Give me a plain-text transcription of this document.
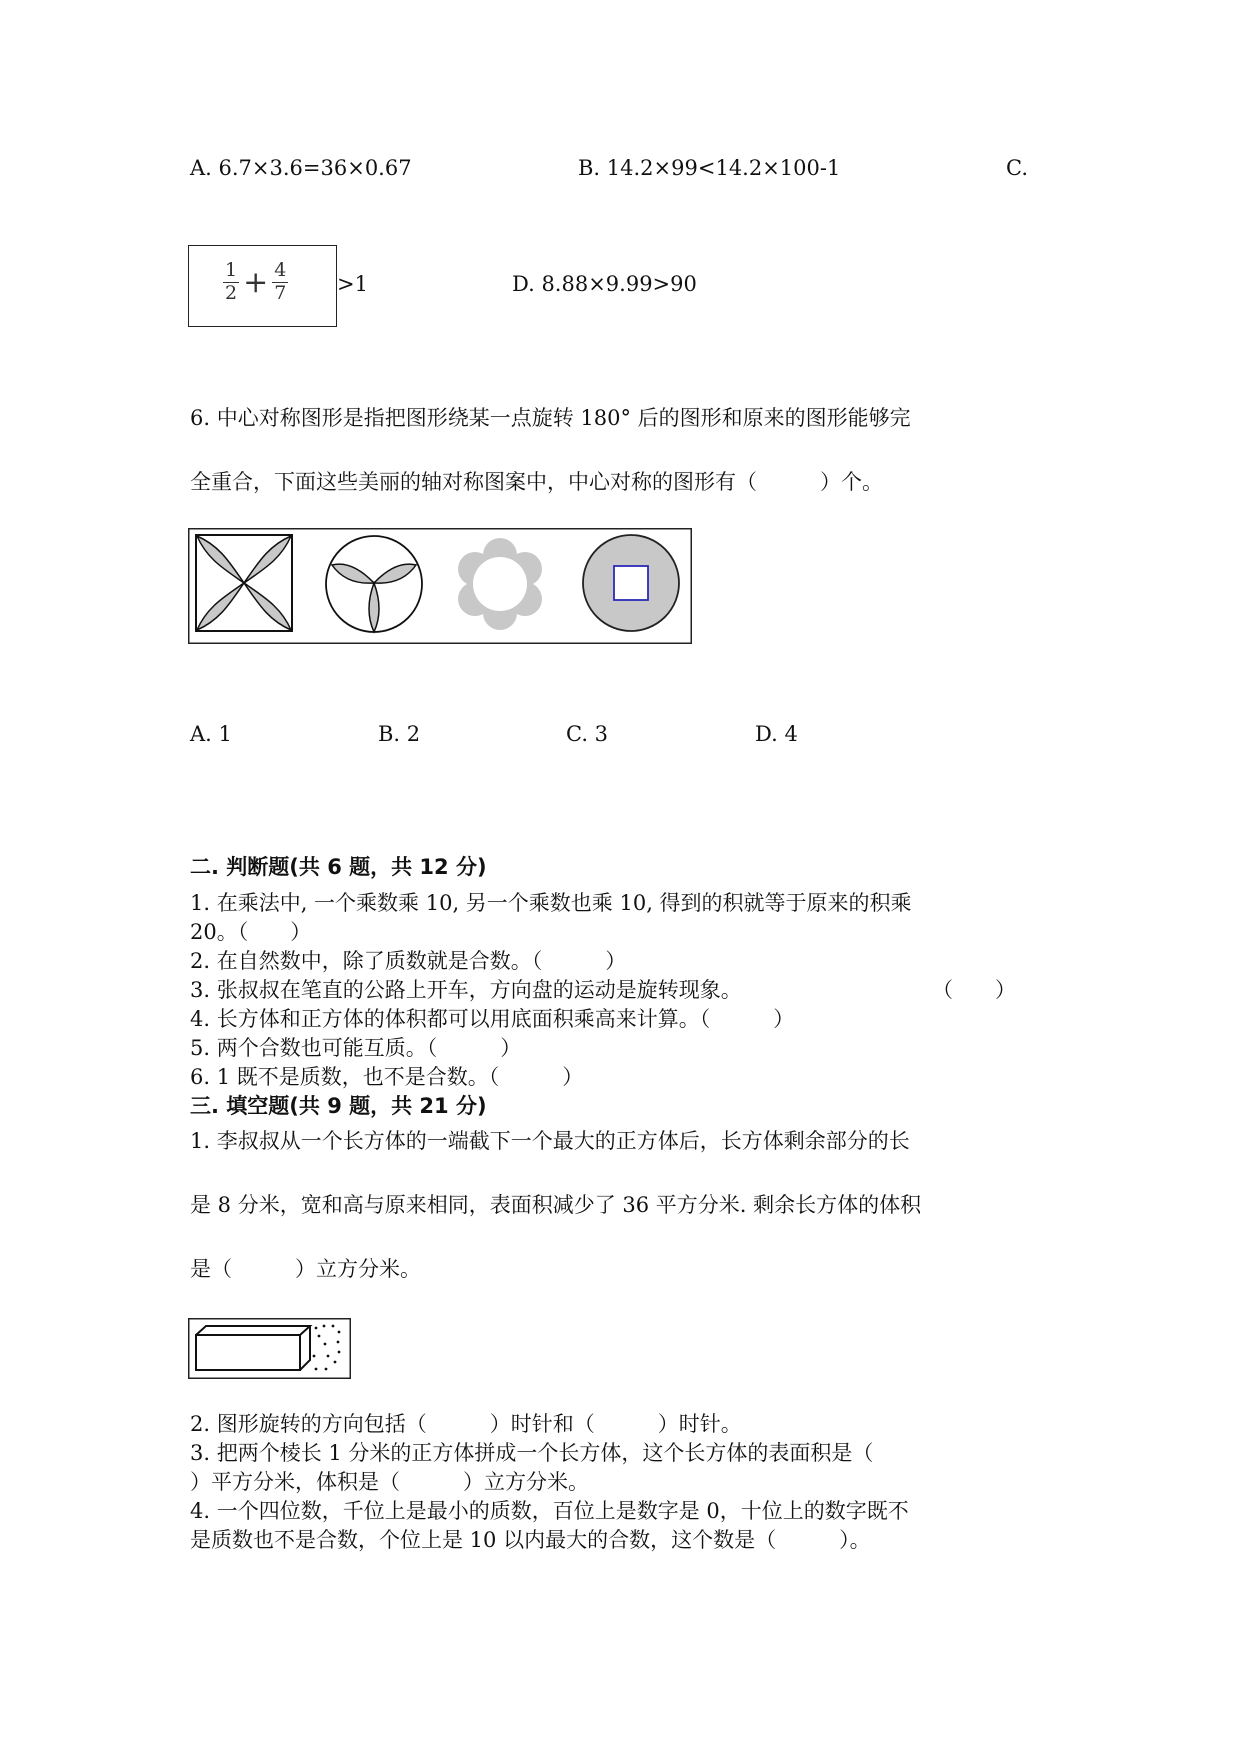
A. 6.7×3.6=36×0.67	B. 14.2×99<14.2×100-1	C.
$\frac{1}{2} + \frac{4}{7} >1$	D. 8.88×9.99>90
6. 中心对称图形是指把图形绕某一点旋转 180° 后的图形和原来的图形能够完
全重合，下面这些美丽的轴对称图案中，中心对称的图形有（　　　）个。
A. 1	B. 2	C. 3	D. 4
二. 判断题(共 6 题，共 12 分)
1. 在乘法中, 一个乘数乘 10, 另一个乘数也乘 10, 得到的积就等于原来的积乘
20。（　　）
2. 在自然数中，除了质数就是合数。（　　　）
3. 张叔叔在笔直的公路上开车，方向盘的运动是旋转现象。	（　　）
4. 长方体和正方体的体积都可以用底面积乘高来计算。（　　　）
5. 两个合数也可能互质。（　　　）
6. 1 既不是质数，也不是合数。（　　　）
三. 填空题(共 9 题，共 21 分)
1. 李叔叔从一个长方体的一端截下一个最大的正方体后，长方体剩余部分的长
是 8 分米，宽和高与原来相同，表面积减少了 36 平方分米. 剩余长方体的体积
是（　　　）立方分米。
2. 图形旋转的方向包括（　　　）时针和（　　　）时针。
3. 把两个棱长 1 分米的正方体拼成一个长方体，这个长方体的表面积是（
）平方分米，体积是（　　　）立方分米。
4. 一个四位数，千位上是最小的质数，百位上是数字是 0，十位上的数字既不
是质数也不是合数，个位上是 10 以内最大的合数，这个数是（　　　）。
